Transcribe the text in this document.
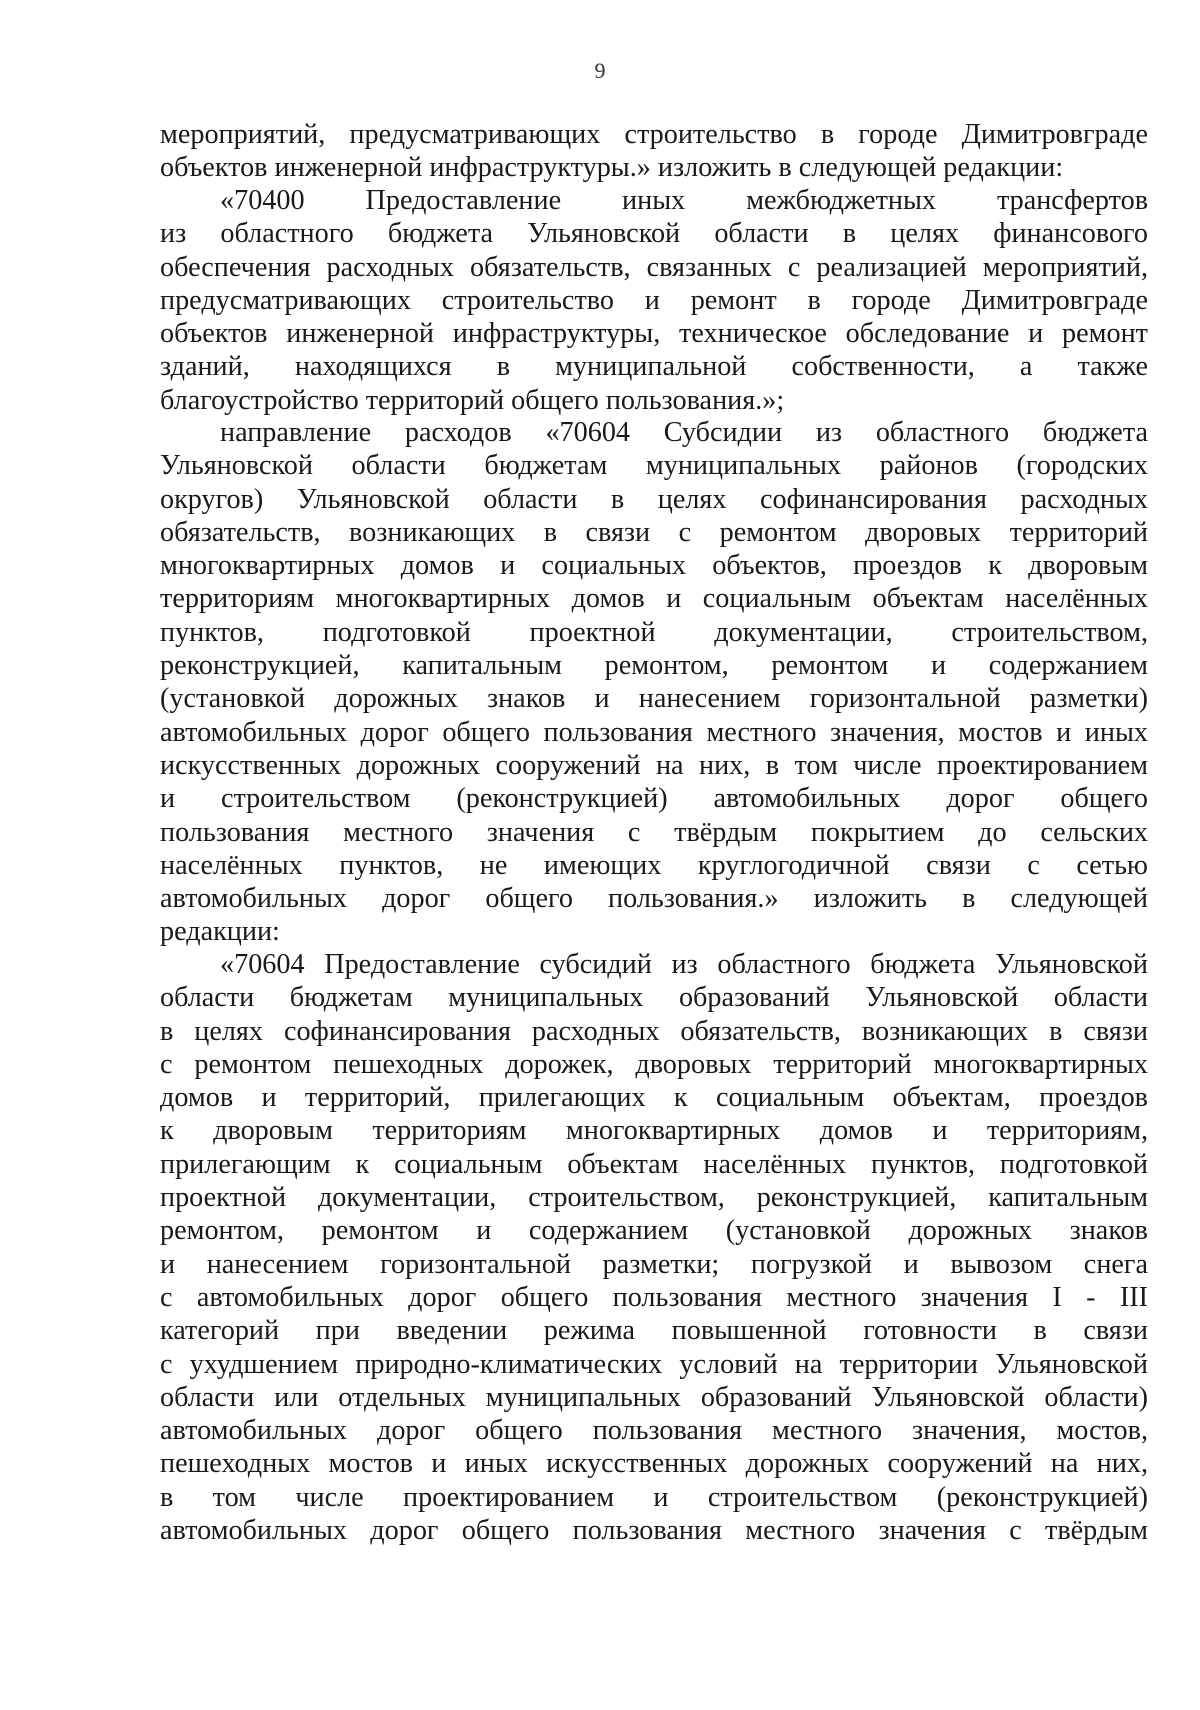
9
мероприятий, предусматривающих строительство в городе Димитровграде
объектов инженерной инфраструктуры.» изложить в следующей редакции:
«70400 Предоставление иных межбюджетных трансфертов
из областного бюджета Ульяновской области в целях финансового
обеспечения расходных обязательств, связанных с реализацией мероприятий,
предусматривающих строительство и ремонт в городе Димитровграде
объектов инженерной инфраструктуры, техническое обследование и ремонт
зданий, находящихся в муниципальной собственности, а также
благоустройство территорий общего пользования.»;
направление расходов «70604 Субсидии из областного бюджета
Ульяновской области бюджетам муниципальных районов (городских
округов) Ульяновской области в целях софинансирования расходных
обязательств, возникающих в связи с ремонтом дворовых территорий
многоквартирных домов и социальных объектов, проездов к дворовым
территориям многоквартирных домов и социальным объектам населённых
пунктов, подготовкой проектной документации, строительством,
реконструкцией, капитальным ремонтом, ремонтом и содержанием
(установкой дорожных знаков и нанесением горизонтальной разметки)
автомобильных дорог общего пользования местного значения, мостов и иных
искусственных дорожных сооружений на них, в том числе проектированием
и строительством (реконструкцией) автомобильных дорог общего
пользования местного значения с твёрдым покрытием до сельских
населённых пунктов, не имеющих круглогодичной связи с сетью
автомобильных дорог общего пользования.» изложить в следующей
редакции:
«70604 Предоставление субсидий из областного бюджета Ульяновской
области бюджетам муниципальных образований Ульяновской области
в целях софинансирования расходных обязательств, возникающих в связи
с ремонтом пешеходных дорожек, дворовых территорий многоквартирных
домов и территорий, прилегающих к социальным объектам, проездов
к дворовым территориям многоквартирных домов и территориям,
прилегающим к социальным объектам населённых пунктов, подготовкой
проектной документации, строительством, реконструкцией, капитальным
ремонтом, ремонтом и содержанием (установкой дорожных знаков
и нанесением горизонтальной разметки; погрузкой и вывозом снега
с автомобильных дорог общего пользования местного значения I - III
категорий при введении режима повышенной готовности в связи
с ухудшением природно-климатических условий на территории Ульяновской
области или отдельных муниципальных образований Ульяновской области)
автомобильных дорог общего пользования местного значения, мостов,
пешеходных мостов и иных искусственных дорожных сооружений на них,
в том числе проектированием и строительством (реконструкцией)
автомобильных дорог общего пользования местного значения с твёрдым
